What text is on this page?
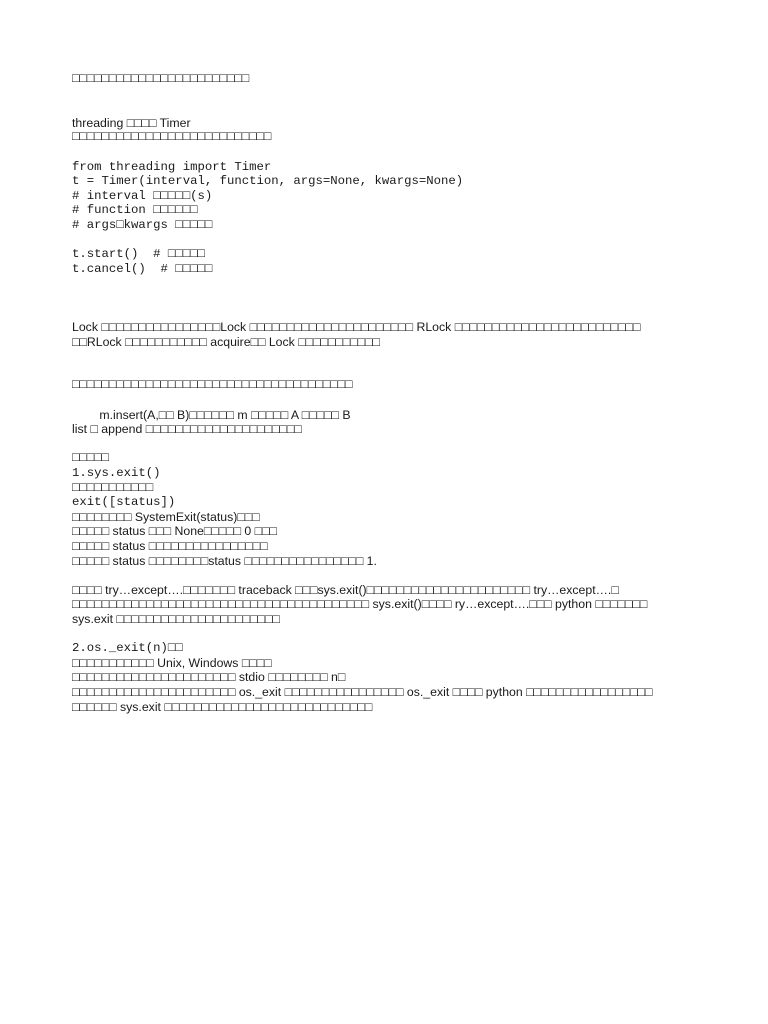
□□□□□□□□□□□□□□□□□□□□□□□□
threading □□□□ Timer
□□□□□□□□□□□□□□□□□□□□□□□□□□□
from threading import Timer
t = Timer(interval, function, args=None, kwargs=None)
# interval □□□□□(s)
# function □□□□□□
# args□kwargs □□□□□
t.start()  # □□□□□
t.cancel()  # □□□□□
Lock □□□□□□□□□□□□□□□□Lock □□□□□□□□□□□□□□□□□□□□□□ RLock □□□□□□□□□□□□□□□□□□□□□□□□□
□□RLock □□□□□□□□□□□ acquire□□ Lock □□□□□□□□□□□
□□□□□□□□□□□□□□□□□□□□□□□□□□□□□□□□□□□□□□
m.insert(A,□□ B)□□□□□□ m □□□□□ A □□□□□ B
list □ append □□□□□□□□□□□□□□□□□□□□□
□□□□□
1.sys.exit()
□□□□□□□□□□□
exit([status])
□□□□□□□□ SystemExit(status)□□□
□□□□□ status □□□ None□□□□□ 0 □□□
□□□□□ status □□□□□□□□□□□□□□□□
□□□□□ status □□□□□□□□status □□□□□□□□□□□□□□□□ 1.
□□□□ try…except….□□□□□□□ traceback □□□sys.exit()□□□□□□□□□□□□□□□□□□□□□□ try…except….□
□□□□□□□□□□□□□□□□□□□□□□□□□□□□□□□□□□□□□□□□ sys.exit()□□□□ ry…except….□□□ python □□□□□□□
sys.exit □□□□□□□□□□□□□□□□□□□□□□
2.os._exit(n)□□
□□□□□□□□□□□ Unix, Windows □□□□
□□□□□□□□□□□□□□□□□□□□□□ stdio □□□□□□□□ n□
□□□□□□□□□□□□□□□□□□□□□□ os._exit □□□□□□□□□□□□□□□□ os._exit □□□□ python □□□□□□□□□□□□□□□□□
□□□□□□ sys.exit □□□□□□□□□□□□□□□□□□□□□□□□□□□□
